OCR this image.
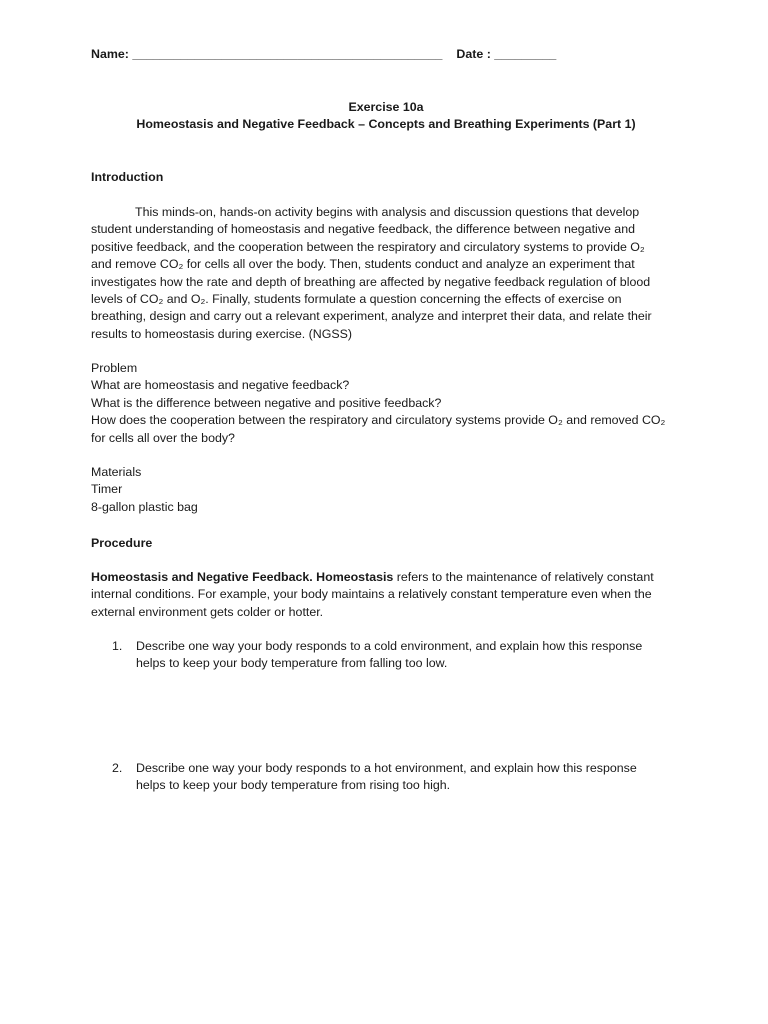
Name: _____________________________________________ Date : _________

Exercise 10a

Homeostasis and Negative Feedback – Concepts and Breathing Experiments (Part 1)

Introduction

This minds-on, hands-on activity begins with analysis and discussion questions that develop

student understanding of homeostasis and negative feedback, the difference between negative and

positive feedback, and the cooperation between the respiratory and circulatory systems to provide O₂

and remove CO₂ for cells all over the body. Then, students conduct and analyze an experiment that

investigates how the rate and depth of breathing are affected by negative feedback regulation of blood

levels of CO₂ and O₂. Finally, students formulate a question concerning the effects of exercise on

breathing, design and carry out a relevant experiment, analyze and interpret their data, and relate their

results to homeostasis during exercise. (NGSS)

Problem

What are homeostasis and negative feedback?

What is the difference between negative and positive feedback?

How does the cooperation between the respiratory and circulatory systems provide O₂ and removed CO₂

for cells all over the body?

Materials

Timer

8-gallon plastic bag

Procedure

Homeostasis and Negative Feedback. Homeostasis refers to the maintenance of relatively constant

internal conditions. For example, your body maintains a relatively constant temperature even when the

external environment gets colder or hotter.

1.	Describe one way your body responds to a cold environment, and explain how this response

helps to keep your body temperature from falling too low.

2.	Describe one way your body responds to a hot environment, and explain how this response

helps to keep your body temperature from rising too high.
